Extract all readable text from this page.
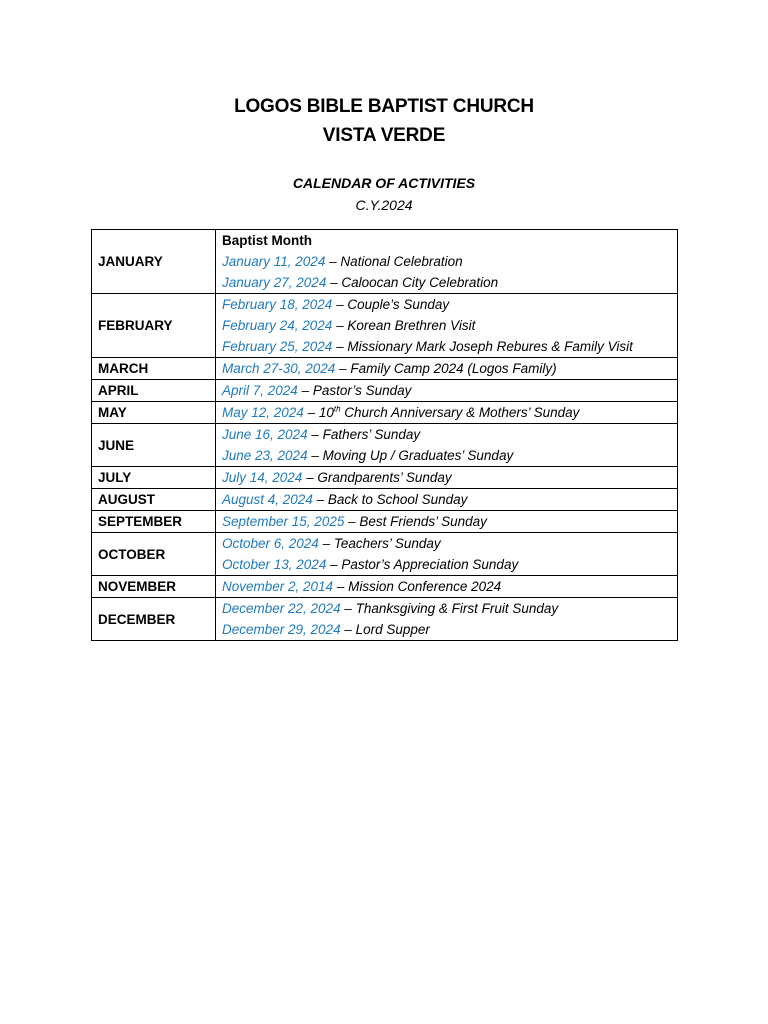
LOGOS BIBLE BAPTIST CHURCH
VISTA VERDE
CALENDAR OF ACTIVITIES
C.Y.2024
JANUARY	Baptist Month
January 11, 2024 – National Celebration
January 27, 2024 – Caloocan City Celebration

FEBRUARY	February 18, 2024 – Couple’s Sunday
February 24, 2024 – Korean Brethren Visit
February 25, 2024 – Missionary Mark Joseph Rebures & Family Visit

MARCH	March 27-30, 2024 – Family Camp 2024 (Logos Family)

APRIL	April 7, 2024 – Pastor’s Sunday

MAY	May 12, 2024 – 10th Church Anniversary & Mothers’ Sunday

JUNE	June 16, 2024 – Fathers’ Sunday
June 23, 2024 – Moving Up / Graduates’ Sunday

JULY	July 14, 2024 – Grandparents’ Sunday

AUGUST	August 4, 2024 – Back to School Sunday

SEPTEMBER	September 15, 2025 – Best Friends’ Sunday

OCTOBER	October 6, 2024 – Teachers’ Sunday
October 13, 2024 – Pastor’s Appreciation Sunday

NOVEMBER	November 2, 2014 – Mission Conference 2024

DECEMBER	December 22, 2024 – Thanksgiving & First Fruit Sunday
December 29, 2024 – Lord Supper
